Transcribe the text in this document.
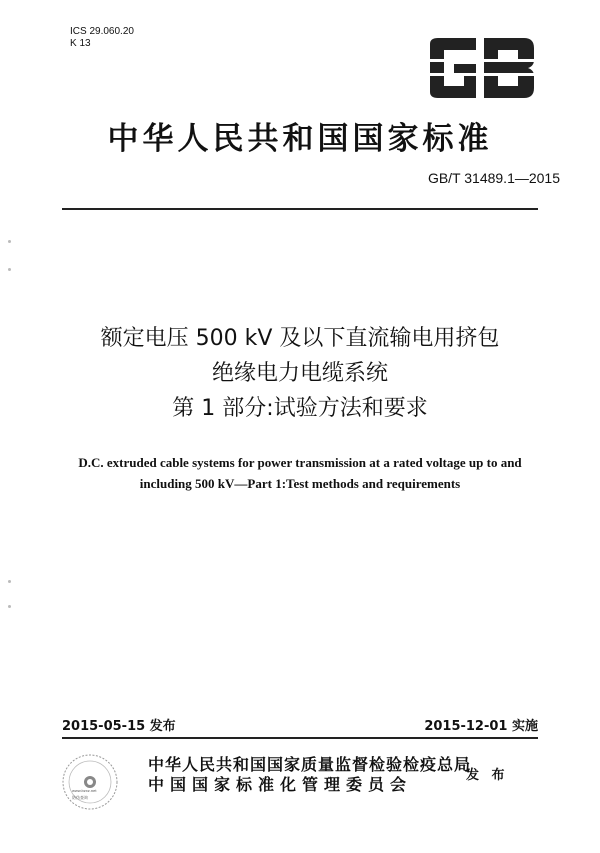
ICS 29.060.20
K 13
中华人民共和国国家标准
GB/T 31489.1—2015
额定电压 500 kV 及以下直流输电用挤包
绝缘电力电缆系统
第 1 部分:试验方法和要求
D.C. extruded cable systems for power transmission at a rated voltage up to and
including 500 kV—Part 1:Test methods and requirements
2015-05-15 发布	2015-12-01 实施
www.bzxz.net
防伪查询
中华人民共和国国家质量监督检验检疫总局
中国国家标准化管理委员会	发 布
